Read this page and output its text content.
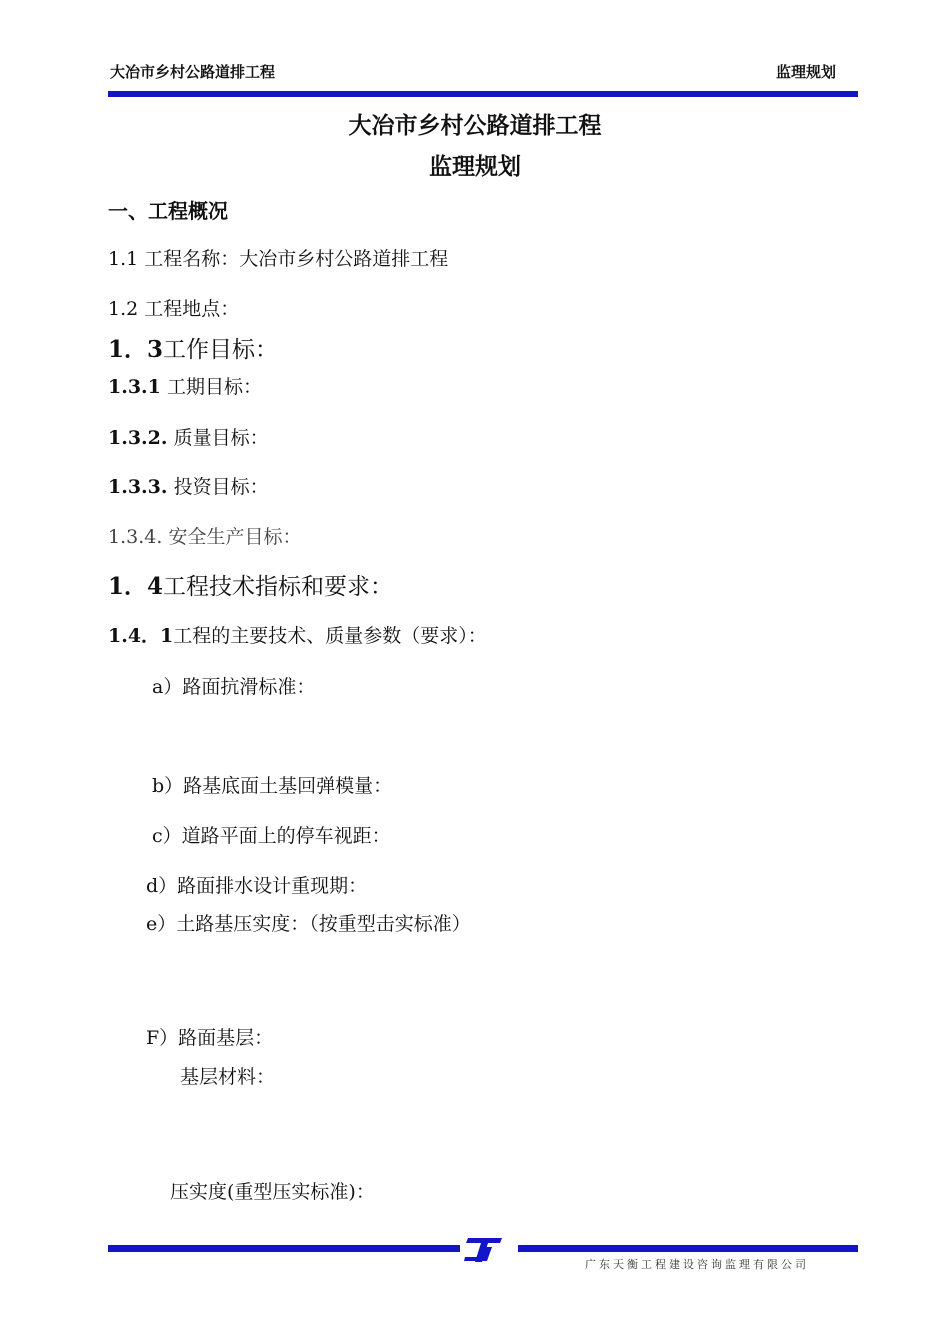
大冶市乡村公路道排工程	监理规划
大冶市乡村公路道排工程
监理规划
一、工程概况
1.1 工程名称：大冶市乡村公路道排工程
1.2 工程地点：
1．3工作目标：
1.3.1 工期目标：
1.3.2. 质量目标：
1.3.3. 投资目标：
1.3.4. 安全生产目标：
1．4工程技术指标和要求：
1.4．1工程的主要技术、质量参数（要求）：
a）路面抗滑标准：
b）路基底面土基回弹模量：
c）道路平面上的停车视距：
d）路面排水设计重现期：
e）土路基压实度：（按重型击实标准）
F）路面基层：
基层材料：
压实度(重型压实标准)：
广东天衡工程建设咨询监理有限公司
